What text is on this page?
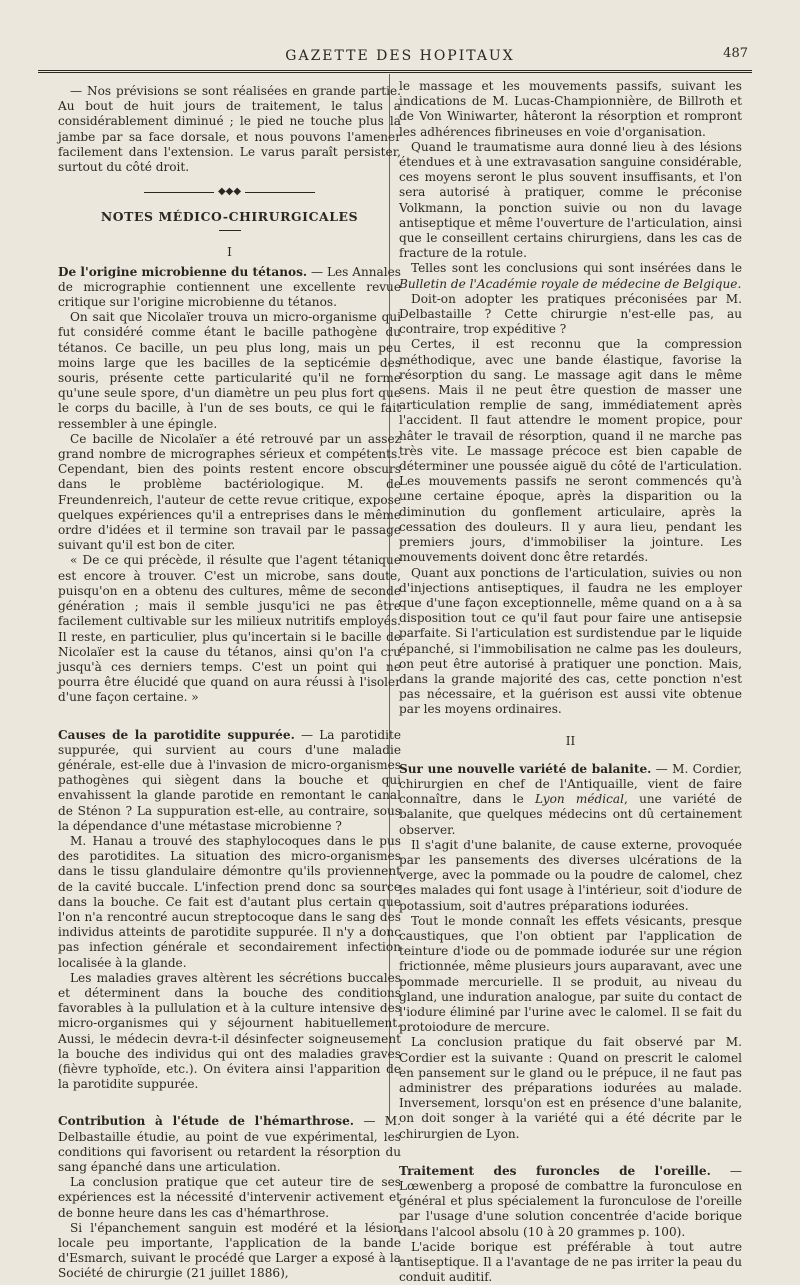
GAZETTE DES HOPITAUX	487

— Nos prévisions se sont réalisées en grande partie. Au bout de huit jours de traitement, le talus a considérablement diminué ; le pied ne touche plus la jambe par sa face dorsale, et nous pouvons l'amener facilement dans l'extension. Le varus paraît persister, surtout du côté droit.

◆◆◆
NOTES MÉDICO-CHIRURGICALES
I

De l'origine microbienne du tétanos. — Les Annales de micrographie contiennent une excellente revue critique sur l'origine microbienne du tétanos.

On sait que Nicolaïer trouva un micro-organisme qui fut considéré comme étant le bacille pathogène du tétanos. Ce bacille, un peu plus long, mais un peu moins large que les bacilles de la septicémie des souris, présente cette particularité qu'il ne forme qu'une seule spore, d'un diamètre un peu plus fort que le corps du bacille, à l'un de ses bouts, ce qui le fait ressembler à une épingle.

Ce bacille de Nicolaïer a été retrouvé par un assez grand nombre de micrographes sérieux et compétents. Cependant, bien des points restent encore obscurs dans le problème bactériologique. M. de Freundenreich, l'auteur de cette revue critique, expose quelques expériences qu'il a entreprises dans le même ordre d'idées et il termine son travail par le passage suivant qu'il est bon de citer.

« De ce qui précède, il résulte que l'agent tétanique est encore à trouver. C'est un microbe, sans doute, puisqu'on en a obtenu des cultures, même de seconde génération ; mais il semble jusqu'ici ne pas être facilement cultivable sur les milieux nutritifs employés. Il reste, en particulier, plus qu'incertain si le bacille de Nicolaïer est la cause du tétanos, ainsi qu'on l'a cru jusqu'à ces derniers temps. C'est un point qui ne pourra être élucidé que quand on aura réussi à l'isoler d'une façon certaine. »

Causes de la parotidite suppurée. — La parotidite suppurée, qui survient au cours d'une maladie générale, est-elle due à l'invasion de micro-organismes pathogènes qui siègent dans la bouche et qui envahissent la glande parotide en remontant le canal de Sténon ? La suppuration est-elle, au contraire, sous la dépendance d'une métastase microbienne ?

M. Hanau a trouvé des staphylocoques dans le pus des parotidites. La situation des micro-organismes dans le tissu glandulaire démontre qu'ils proviennent de la cavité buccale. L'infection prend donc sa source dans la bouche. Ce fait est d'autant plus certain que l'on n'a rencontré aucun streptocoque dans le sang des individus atteints de parotidite suppurée. Il n'y a donc pas infection générale et secondairement infection localisée à la glande.

Les maladies graves altèrent les sécrétions buccales et déterminent dans la bouche des conditions favorables à la pullulation et à la culture intensive des micro-organismes qui y séjournent habituellement. Aussi, le médecin devra-t-il désinfecter soigneusement la bouche des individus qui ont des maladies graves (fièvre typhoïde, etc.). On évitera ainsi l'apparition de la parotidite suppurée.

Contribution à l'étude de l'hémarthrose. — M. Delbastaille étudie, au point de vue expérimental, les conditions qui favorisent ou retardent la résorption du sang épanché dans une articulation.

La conclusion pratique que cet auteur tire de ses expériences est la nécessité d'intervenir activement et de bonne heure dans les cas d'hémarthrose.

Si l'épanchement sanguin est modéré et la lésion locale peu importante, l'application de la bande d'Esmarch, suivant le procédé que Larger a exposé à la Société de chirurgie (21 juillet 1886),

le massage et les mouvements passifs, suivant les indications de M. Lucas-Championnière, de Billroth et de Von Winiwarter, hâteront la résorption et rompront les adhérences fibrineuses en voie d'organisation.

Quand le traumatisme aura donné lieu à des lésions étendues et à une extravasation sanguine considérable, ces moyens seront le plus souvent insuffisants, et l'on sera autorisé à pratiquer, comme le préconise Volkmann, la ponction suivie ou non du lavage antiseptique et même l'ouverture de l'articulation, ainsi que le conseillent certains chirurgiens, dans les cas de fracture de la rotule.

Telles sont les conclusions qui sont insérées dans le Bulletin de l'Académie royale de médecine de Belgique.

Doit-on adopter les pratiques préconisées par M. Delbastaille ? Cette chirurgie n'est-elle pas, au contraire, trop expéditive ?

Certes, il est reconnu que la compression méthodique, avec une bande élastique, favorise la résorption du sang. Le massage agit dans le même sens. Mais il ne peut être question de masser une articulation remplie de sang, immédiatement après l'accident. Il faut attendre le moment propice, pour hâter le travail de résorption, quand il ne marche pas très vite. Le massage précoce est bien capable de déterminer une poussée aiguë du côté de l'articulation. Les mouvements passifs ne seront commencés qu'à une certaine époque, après la disparition ou la diminution du gonflement articulaire, après la cessation des douleurs. Il y aura lieu, pendant les premiers jours, d'immobiliser la jointure. Les mouvements doivent donc être retardés.

Quant aux ponctions de l'articulation, suivies ou non d'injections antiseptiques, il faudra ne les employer que d'une façon exceptionnelle, même quand on a à sa disposition tout ce qu'il faut pour faire une antisepsie parfaite. Si l'articulation est surdistendue par le liquide épanché, si l'immobilisation ne calme pas les douleurs, on peut être autorisé à pratiquer une ponction. Mais, dans la grande majorité des cas, cette ponction n'est pas nécessaire, et la guérison est aussi vite obtenue par les moyens ordinaires.

II

Sur une nouvelle variété de balanite. — M. Cordier, chirurgien en chef de l'Antiquaille, vient de faire connaître, dans le Lyon médical, une variété de balanite, que quelques médecins ont dû certainement observer.

Il s'agit d'une balanite, de cause externe, provoquée par les pansements des diverses ulcérations de la verge, avec la pommade ou la poudre de calomel, chez les malades qui font usage à l'intérieur, soit d'iodure de potassium, soit d'autres préparations iodurées.

Tout le monde connaît les effets vésicants, presque caustiques, que l'on obtient par l'application de teinture d'iode ou de pommade iodurée sur une région frictionnée, même plusieurs jours auparavant, avec une pommade mercurielle. Il se produit, au niveau du gland, une induration analogue, par suite du contact de l'iodure éliminé par l'urine avec le calomel. Il se fait du protoiodure de mercure.

La conclusion pratique du fait observé par M. Cordier est la suivante : Quand on prescrit le calomel en pansement sur le gland ou le prépuce, il ne faut pas administrer des préparations iodurées au malade. Inversement, lorsqu'on est en présence d'une balanite, on doit songer à la variété qui a été décrite par le chirurgien de Lyon.

Traitement des furoncles de l'oreille. — Lœwenberg a proposé de combattre la furonculose en général et plus spécialement la furonculose de l'oreille par l'usage d'une solution concentrée d'acide borique dans l'alcool absolu (10 à 20 grammes p. 100).

L'acide borique est préférable à tout autre antiseptique. Il a l'avantage de ne pas irriter la peau du conduit auditif.
